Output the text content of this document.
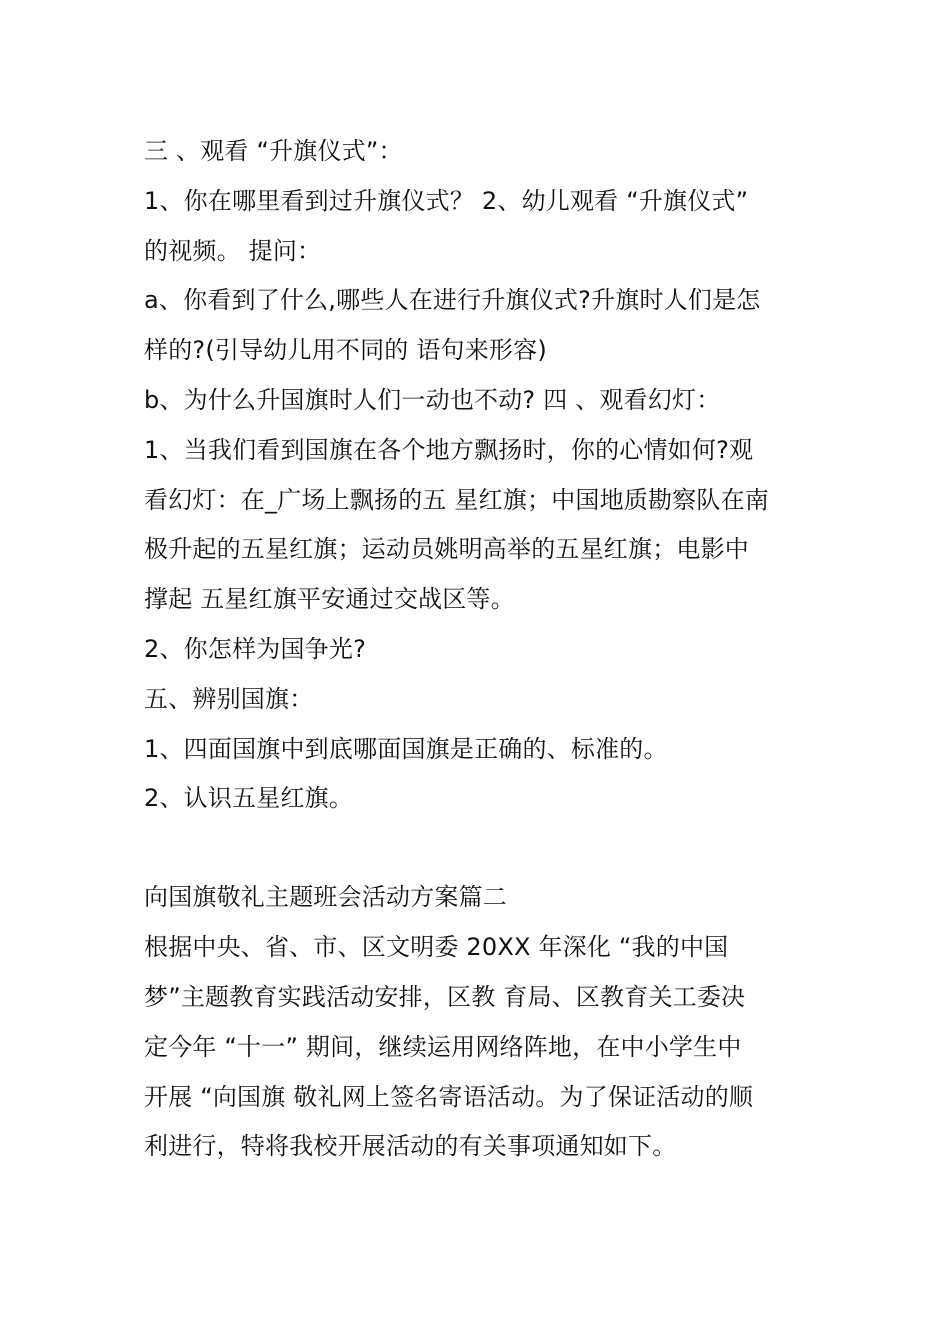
三 、观看 “升旗仪式”：
1、你在哪里看到过升旗仪式？ 2、幼儿观看 “升旗仪式”
的视频。 提问：
a、你看到了什么,哪些人在进行升旗仪式?升旗时人们是怎
样的?(引导幼儿用不同的 语句来形容)
b、为什么升国旗时人们一动也不动? 四 、观看幻灯：
1、当我们看到国旗在各个地方飘扬时，你的心情如何?观
看幻灯：在_广场上飘扬的五 星红旗；中国地质勘察队在南
极升起的五星红旗；运动员姚明高举的五星红旗；电影中
撑起 五星红旗平安通过交战区等。
2、你怎样为国争光?
五、辨别国旗：
1、四面国旗中到底哪面国旗是正确的、标准的。
2、认识五星红旗。
向国旗敬礼主题班会活动方案篇二
根据中央、省、市、区文明委 20XX 年深化 “我的中国
梦”主题教育实践活动安排，区教 育局、区教育关工委决
定今年 “十一” 期间，继续运用网络阵地，在中小学生中
开展 “向国旗 敬礼网上签名寄语活动。为了保证活动的顺
利进行，特将我校开展活动的有关事项通知如下。
